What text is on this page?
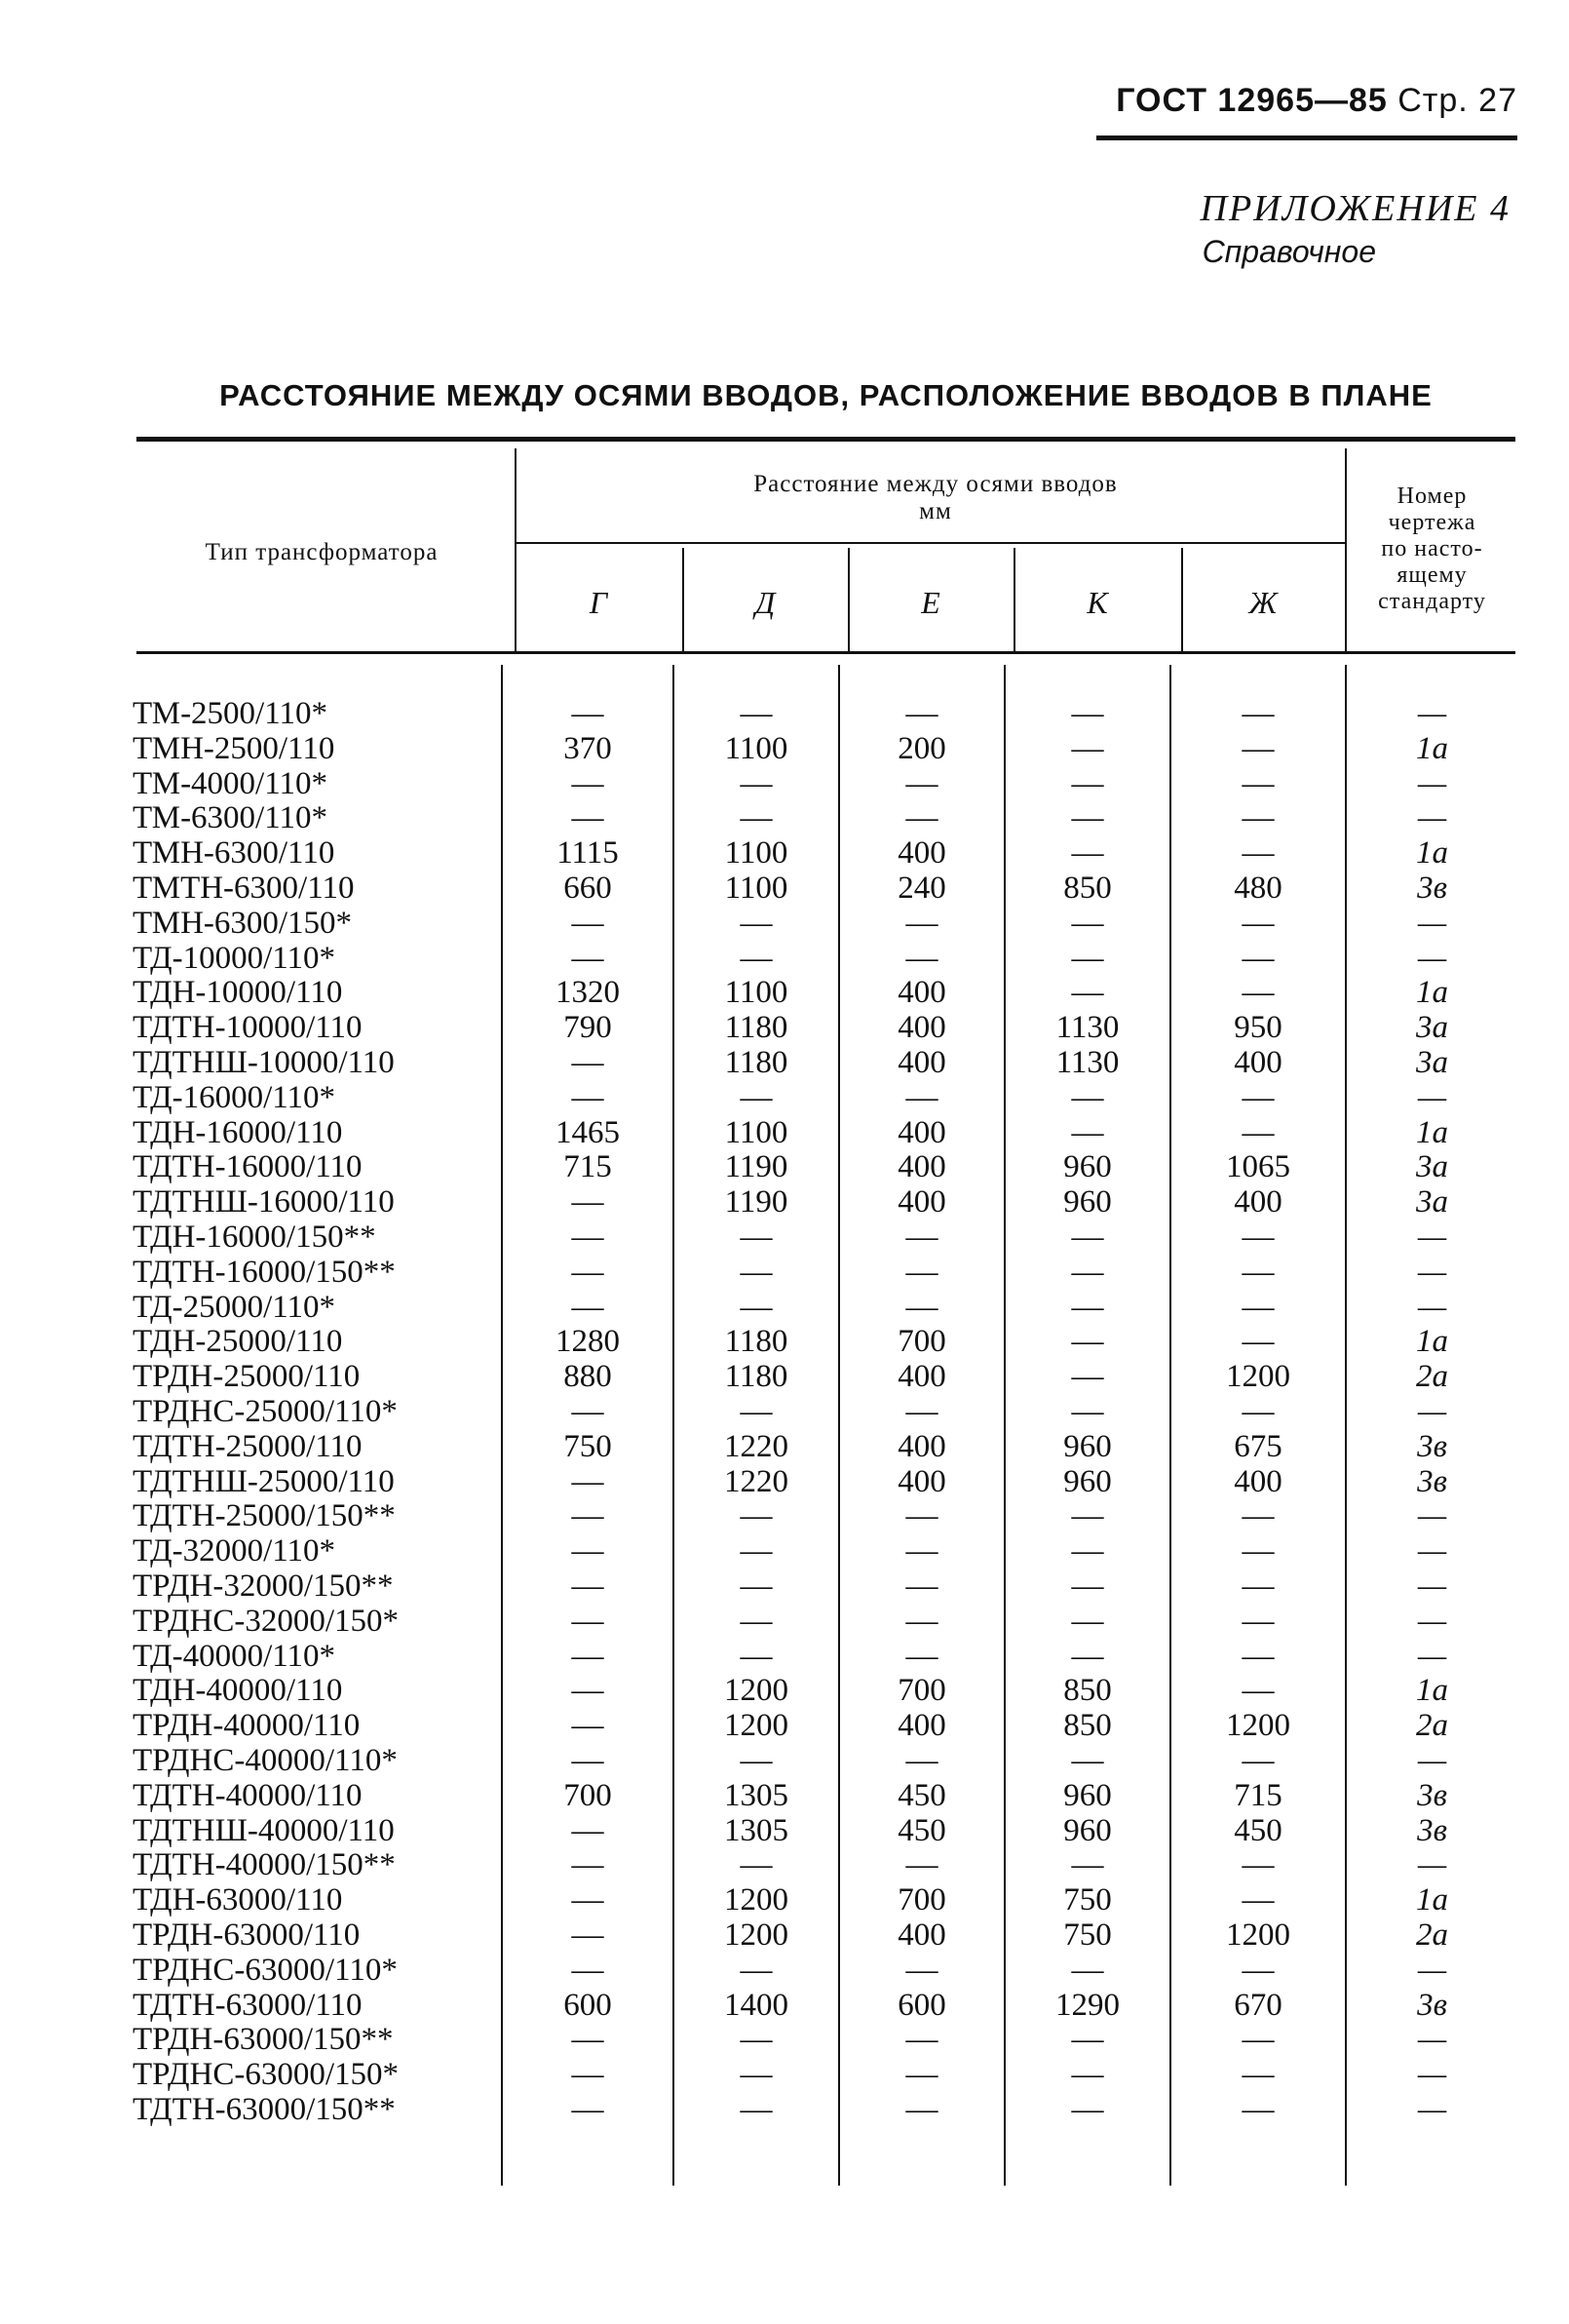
ГОСТ 12965—85 Стр. 27
ПРИЛОЖЕНИЕ 4
Справочное
РАССТОЯНИЕ МЕЖДУ ОСЯМИ ВВОДОВ, РАСПОЛОЖЕНИЕ ВВОДОВ В ПЛАНЕ
Тип трансформатора
Расстояние между осями вводов
мм
Номер
чертежа
по насто-
ящему
стандарту
Г	Д	Е	К	Ж
ТМ-2500/110*	—	—	—	—	—	—
ТМН-2500/110	370	1100	200	—	—	1а
ТМ-4000/110*	—	—	—	—	—	—
ТМ-6300/110*	—	—	—	—	—	—
ТМН-6300/110	1115	1100	400	—	—	1а
ТМТН-6300/110	660	1100	240	850	480	3в
ТМН-6300/150*	—	—	—	—	—	—
ТД-10000/110*	—	—	—	—	—	—
ТДН-10000/110	1320	1100	400	—	—	1а
ТДТН-10000/110	790	1180	400	1130	950	3а
ТДТНШ-10000/110	—	1180	400	1130	400	3а
ТД-16000/110*	—	—	—	—	—	—
ТДН-16000/110	1465	1100	400	—	—	1а
ТДТН-16000/110	715	1190	400	960	1065	3а
ТДТНШ-16000/110	—	1190	400	960	400	3а
ТДН-16000/150**	—	—	—	—	—	—
ТДТН-16000/150**	—	—	—	—	—	—
ТД-25000/110*	—	—	—	—	—	—
ТДН-25000/110	1280	1180	700	—	—	1а
ТРДН-25000/110	880	1180	400	—	1200	2а
ТРДНС-25000/110*	—	—	—	—	—	—
ТДТН-25000/110	750	1220	400	960	675	3в
ТДТНШ-25000/110	—	1220	400	960	400	3в
ТДТН-25000/150**	—	—	—	—	—	—
ТД-32000/110*	—	—	—	—	—	—
ТРДН-32000/150**	—	—	—	—	—	—
ТРДНС-32000/150*	—	—	—	—	—	—
ТД-40000/110*	—	—	—	—	—	—
ТДН-40000/110	—	1200	700	850	—	1а
ТРДН-40000/110	—	1200	400	850	1200	2а
ТРДНС-40000/110*	—	—	—	—	—	—
ТДТН-40000/110	700	1305	450	960	715	3в
ТДТНШ-40000/110	—	1305	450	960	450	3в
ТДТН-40000/150**	—	—	—	—	—	—
ТДН-63000/110	—	1200	700	750	—	1а
ТРДН-63000/110	—	1200	400	750	1200	2а
ТРДНС-63000/110*	—	—	—	—	—	—
ТДТН-63000/110	600	1400	600	1290	670	3в
ТРДН-63000/150**	—	—	—	—	—	—
ТРДНС-63000/150*	—	—	—	—	—	—
ТДТН-63000/150**	—	—	—	—	—	—
